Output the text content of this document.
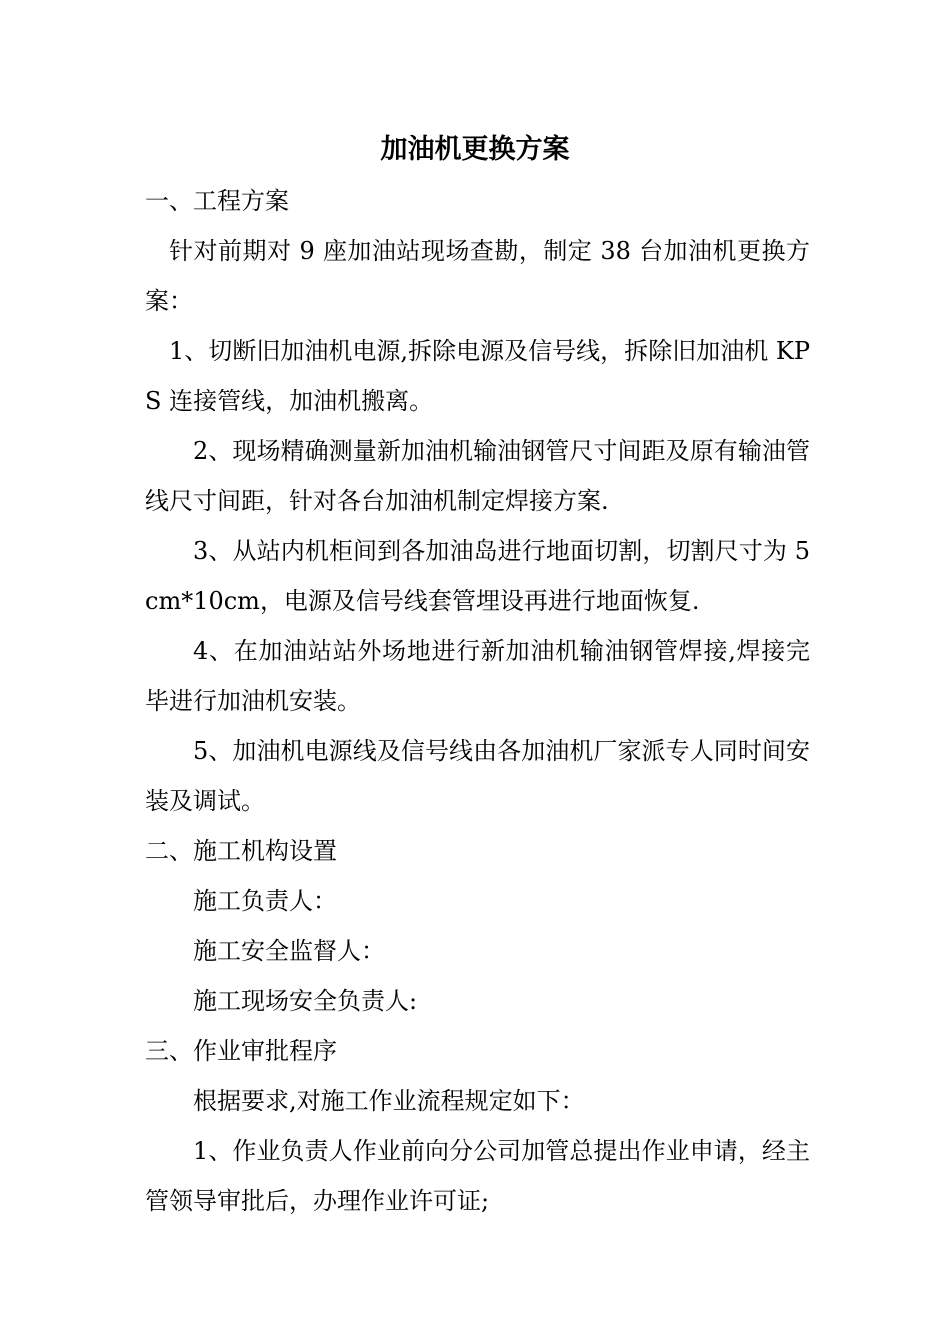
加油机更换方案

一、工程方案

针对前期对 9 座加油站现场查勘，制定 38 台加油机更换方案：

1、切断旧加油机电源,拆除电源及信号线，拆除旧加油机 KPS 连接管线，加油机搬离。

2、现场精确测量新加油机输油钢管尺寸间距及原有输油管线尺寸间距，针对各台加油机制定焊接方案.

3、从站内机柜间到各加油岛进行地面切割，切割尺寸为 5cm*10cm，电源及信号线套管埋设再进行地面恢复.

4、在加油站站外场地进行新加油机输油钢管焊接,焊接完毕进行加油机安装。

5、加油机电源线及信号线由各加油机厂家派专人同时间安装及调试。

二、施工机构设置

施工负责人：

施工安全监督人：

施工现场安全负责人:

三、作业审批程序

根据要求,对施工作业流程规定如下：

1、作业负责人作业前向分公司加管总提出作业申请，经主管领导审批后，办理作业许可证;
